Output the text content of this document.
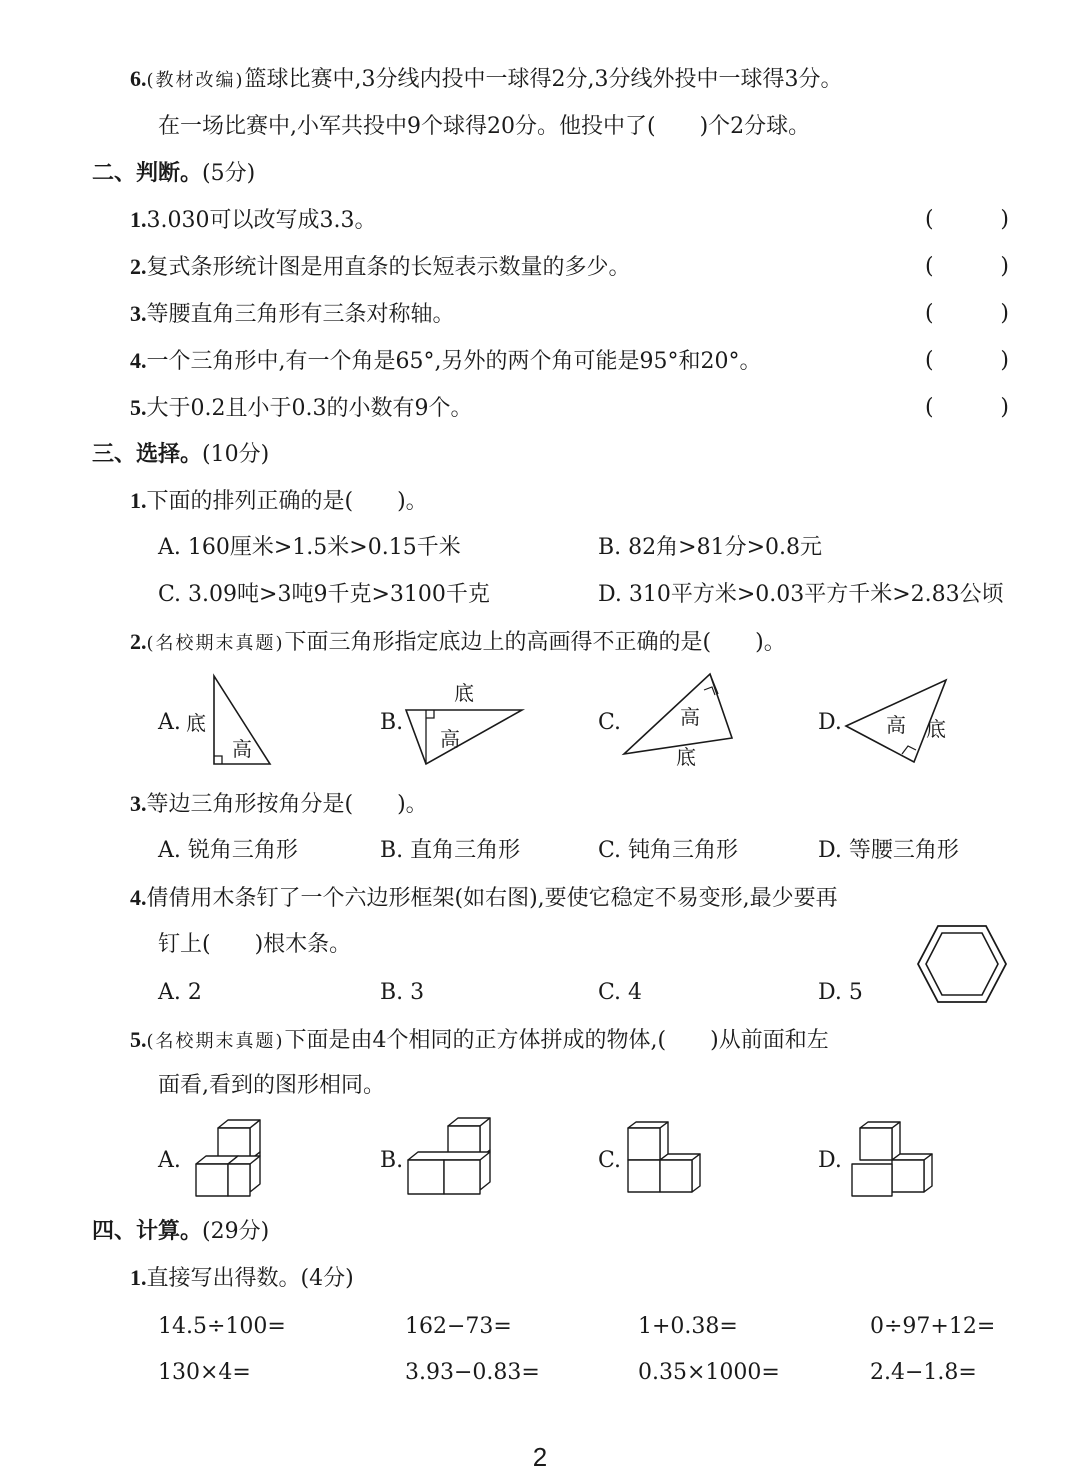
6.(教材改编)篮球比赛中,3分线内投中一球得2分,3分线外投中一球得3分。
在一场比赛中,小军共投中9个球得20分。他投中了(　　)个2分球。
二、判断。(5分)
1.3.030可以改写成3.3。	(　　)
2.复式条形统计图是用直条的长短表示数量的多少。	(　　)
3.等腰直角三角形有三条对称轴。	(　　)
4.一个三角形中,有一个角是65°,另外的两个角可能是95°和20°。	(　　)
5.大于0.2且小于0.3的小数有9个。	(　　)
三、选择。(10分)
1.下面的排列正确的是(　　)。
A. 160厘米>1.5米>0.15千米	B. 82角>81分>0.8元
C. 3.09吨>3吨9千克>3100千克	D. 310平方米>0.03平方千米>2.83公顷
2.(名校期末真题)下面三角形指定底边上的高画得不正确的是(　　)。
A. 底
高
B.
底
高
C.	高
底
D. 高 底
3.等边三角形按角分是(　　)。
A. 锐角三角形	B. 直角三角形	C. 钝角三角形	D. 等腰三角形
4.倩倩用木条钉了一个六边形框架(如右图),要使它稳定不易变形,最少要再
钉上(　　)根木条。
A. 2	B. 3	C. 4	D. 5
5.(名校期末真题)下面是由4个相同的正方体拼成的物体,(　　)从前面和左
面看,看到的图形相同。
A.	B.	C.	D.
四、计算。(29分)
1.直接写出得数。(4分)
14.5÷100=	162−73=	1+0.38=	0÷97+12=
130×4=	3.93−0.83=	0.35×1000=	2.4−1.8=
2
